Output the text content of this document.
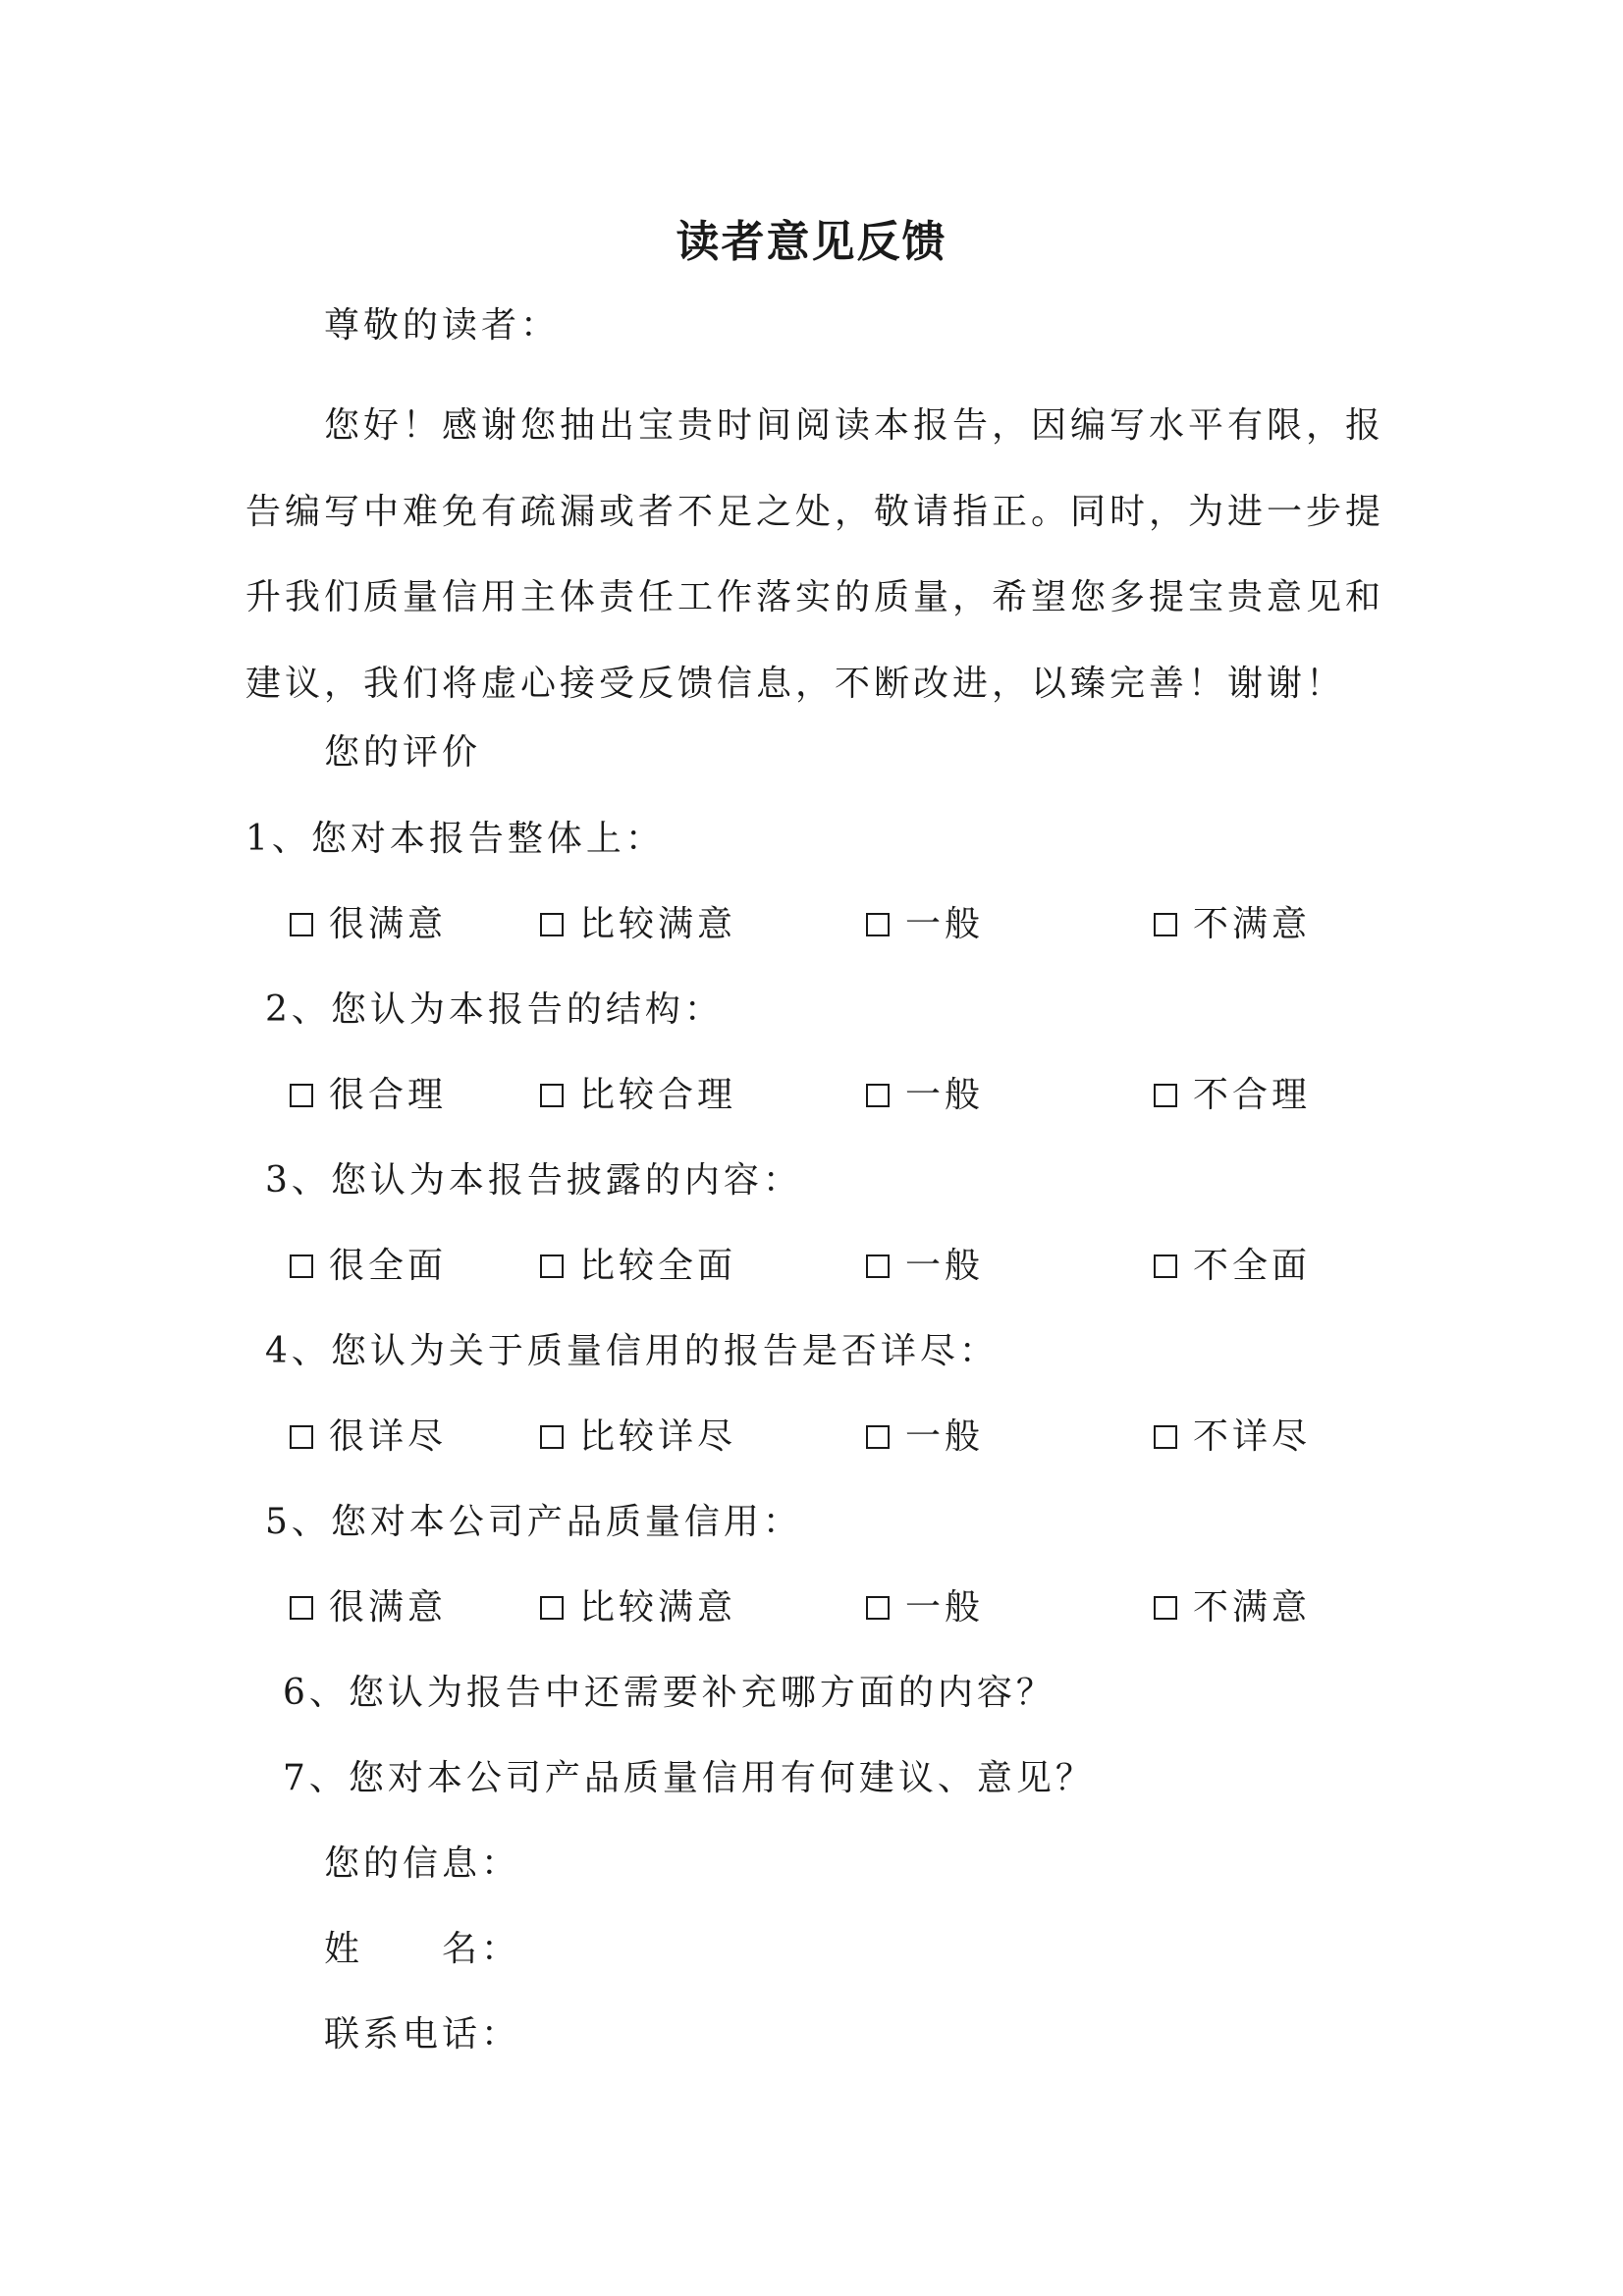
读者意见反馈
尊敬的读者：
您好！感谢您抽出宝贵时间阅读本报告，因编写水平有限，报告编写中难免有疏漏或者不足之处，敬请指正。同时，为进一步提升我们质量信用主体责任工作落实的质量，希望您多提宝贵意见和建议，我们将虚心接受反馈信息，不断改进，以臻完善！谢谢！
您的评价
1、您对本报告整体上：
很满意	比较满意	一般	不满意
2、您认为本报告的结构：
很合理	比较合理	一般	不合理
3、您认为本报告披露的内容：
很全面	比较全面	一般	不全面
4、您认为关于质量信用的报告是否详尽：
很详尽	比较详尽	一般	不详尽
5、您对本公司产品质量信用：
很满意	比较满意	一般	不满意
6、您认为报告中还需要补充哪方面的内容？
7、您对本公司产品质量信用有何建议、意见？
您的信息：
姓　　名：
联系电话：
